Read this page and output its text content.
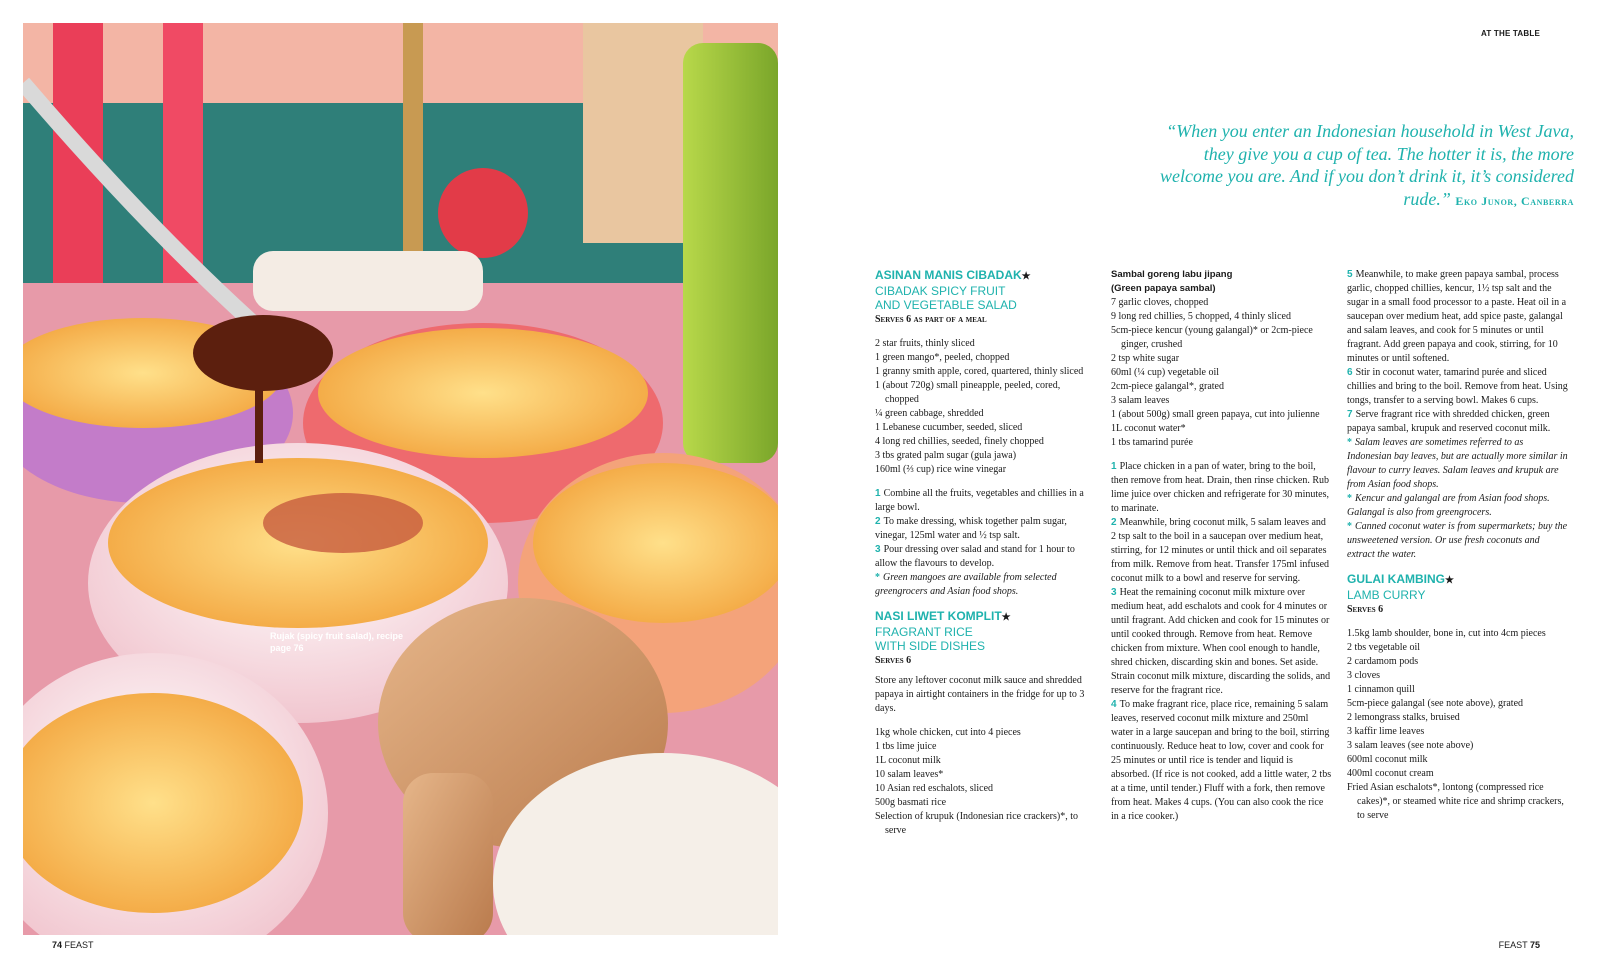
Rujak (spicy fruit salad), recipe page 76
74 FEAST
AT THE TABLE
“When you enter an Indonesian household in West Java, they give you a cup of tea. The hotter it is, the more welcome you are. And if you don’t drink it, it’s considered rude.” Eko Junor, Canberra

ASINAN MANIS CIBADAK★

CIBADAK SPICY FRUIT

AND VEGETABLE SALAD

Serves 6 as part of a meal
2 star fruits, thinly sliced
1 green mango*, peeled, chopped
1 granny smith apple, cored, quartered, thinly sliced
1 (about 720g) small pineapple, peeled, cored, chopped
¼ green cabbage, shredded
1 Lebanese cucumber, seeded, sliced
4 long red chillies, seeded, finely chopped
3 tbs grated palm sugar (gula jawa)
160ml (⅔ cup) rice wine vinegar

1 Combine all the fruits, vegetables and chillies in a large bowl.

2 To make dressing, whisk together palm sugar, vinegar, 125ml water and ½ tsp salt.

3 Pour dressing over salad and stand for 1 hour to allow the flavours to develop.

* Green mangoes are available from selected greengrocers and Asian food shops.

NASI LIWET KOMPLIT★

FRAGRANT RICE

WITH SIDE DISHES

Serves 6

Store any leftover coconut milk sauce and shredded papaya in airtight containers in the fridge for up to 3 days.

1kg whole chicken, cut into 4 pieces
1 tbs lime juice
1L coconut milk
10 salam leaves*
10 Asian red eschalots, sliced
500g basmati rice
Selection of krupuk (Indonesian rice crackers)*, to serve
Sambal goreng labu jipang
(Green papaya sambal)
7 garlic cloves, chopped
9 long red chillies, 5 chopped, 4 thinly sliced
5cm-piece kencur (young galangal)* or 2cm-piece ginger, crushed
2 tsp white sugar
60ml (¼ cup) vegetable oil
2cm-piece galangal*, grated
3 salam leaves
1 (about 500g) small green papaya, cut into julienne
1L coconut water*
1 tbs tamarind purée

1 Place chicken in a pan of water, bring to the boil, then remove from heat. Drain, then rinse chicken. Rub lime juice over chicken and refrigerate for 30 minutes, to marinate.

2 Meanwhile, bring coconut milk, 5 salam leaves and 2 tsp salt to the boil in a saucepan over medium heat, stirring, for 12 minutes or until thick and oil separates from milk. Remove from heat. Transfer 175ml infused coconut milk to a bowl and reserve for serving.

3 Heat the remaining coconut milk mixture over medium heat, add eschalots and cook for 4 minutes or until fragrant. Add chicken and cook for 15 minutes or until cooked through. Remove from heat. Remove chicken from mixture. When cool enough to handle, shred chicken, discarding skin and bones. Set aside. Strain coconut milk mixture, discarding the solids, and reserve for the fragrant rice.

4 To make fragrant rice, place rice, remaining 5 salam leaves, reserved coconut milk mixture and 250ml water in a large saucepan and bring to the boil, stirring continuously. Reduce heat to low, cover and cook for 25 minutes or until rice is tender and liquid is absorbed. (If rice is not cooked, add a little water, 2 tbs at a time, until tender.) Fluff with a fork, then remove from heat. Makes 4 cups. (You can also cook the rice in a rice cooker.)

5 Meanwhile, to make green papaya sambal, process garlic, chopped chillies, kencur, 1½ tsp salt and the sugar in a small food processor to a paste. Heat oil in a saucepan over medium heat, add spice paste, galangal and salam leaves, and cook for 5 minutes or until fragrant. Add green papaya and cook, stirring, for 10 minutes or until softened.

6 Stir in coconut water, tamarind purée and sliced chillies and bring to the boil. Remove from heat. Using tongs, transfer to a serving bowl. Makes 6 cups.

7 Serve fragrant rice with shredded chicken, green papaya sambal, krupuk and reserved coconut milk.

* Salam leaves are sometimes referred to as Indonesian bay leaves, but are actually more similar in flavour to curry leaves. Salam leaves and krupuk are from Asian food shops.

* Kencur and galangal are from Asian food shops. Galangal is also from greengrocers.

* Canned coconut water is from supermarkets; buy the unsweetened version. Or use fresh coconuts and extract the water.

GULAI KAMBING★

LAMB CURRY

Serves 6
1.5kg lamb shoulder, bone in, cut into 4cm pieces
2 tbs vegetable oil
2 cardamom pods
3 cloves
1 cinnamon quill
5cm-piece galangal (see note above), grated
2 lemongrass stalks, bruised
3 kaffir lime leaves
3 salam leaves (see note above)
600ml coconut milk
400ml coconut cream
Fried Asian eschalots*, lontong (compressed rice cakes)*, or steamed white rice and shrimp crackers, to serve
FEAST 75
